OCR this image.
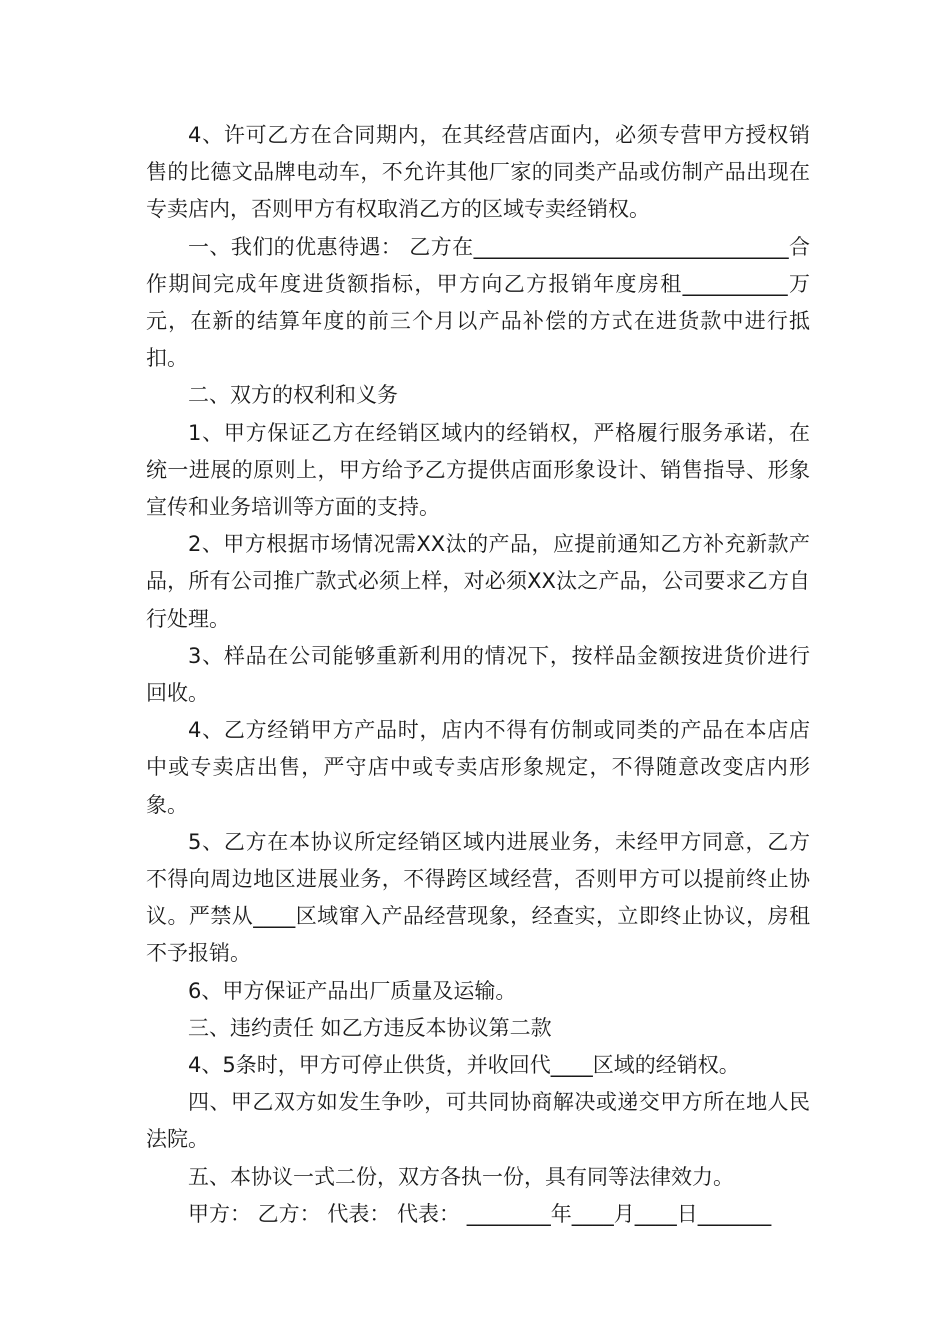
4、许可乙方在合同期内，在其经营店面内，必须专营甲方授权销售的比德文品牌电动车，不允许其他厂家的同类产品或仿制产品出现在专卖店内，否则甲方有权取消乙方的区域专卖经销权。

一、我们的优惠待遇： 乙方在______________________________合作期间完成年度进货额指标，甲方向乙方报销年度房租__________万元，在新的结算年度的前三个月以产品补偿的方式在进货款中进行抵扣。

二、双方的权利和义务

1、甲方保证乙方在经销区域内的经销权，严格履行服务承诺，在统一进展的原则上，甲方给予乙方提供店面形象设计、销售指导、形象宣传和业务培训等方面的支持。

2、甲方根据市场情况需XX汰的产品，应提前通知乙方补充新款产品，所有公司推广款式必须上样，对必须XX汰之产品，公司要求乙方自行处理。

3、样品在公司能够重新利用的情况下，按样品金额按进货价进行回收。

4、乙方经销甲方产品时，店内不得有仿制或同类的产品在本店店中或专卖店出售，严守店中或专卖店形象规定，不得随意改变店内形象。

5、乙方在本协议所定经销区域内进展业务，未经甲方同意，乙方不得向周边地区进展业务，不得跨区域经营，否则甲方可以提前终止协议。严禁从____区域窜入产品经营现象，经查实，立即终止协议，房租不予报销。

6、甲方保证产品出厂质量及运输。

三、违约责任 如乙方违反本协议第二款

4、5条时，甲方可停止供货，并收回代____区域的经销权。

四、甲乙双方如发生争吵，可共同协商解决或递交甲方所在地人民法院。

五、本协议一式二份，双方各执一份，具有同等法律效力。

甲方： 乙方： 代表： 代表： ________年____月____日_______
